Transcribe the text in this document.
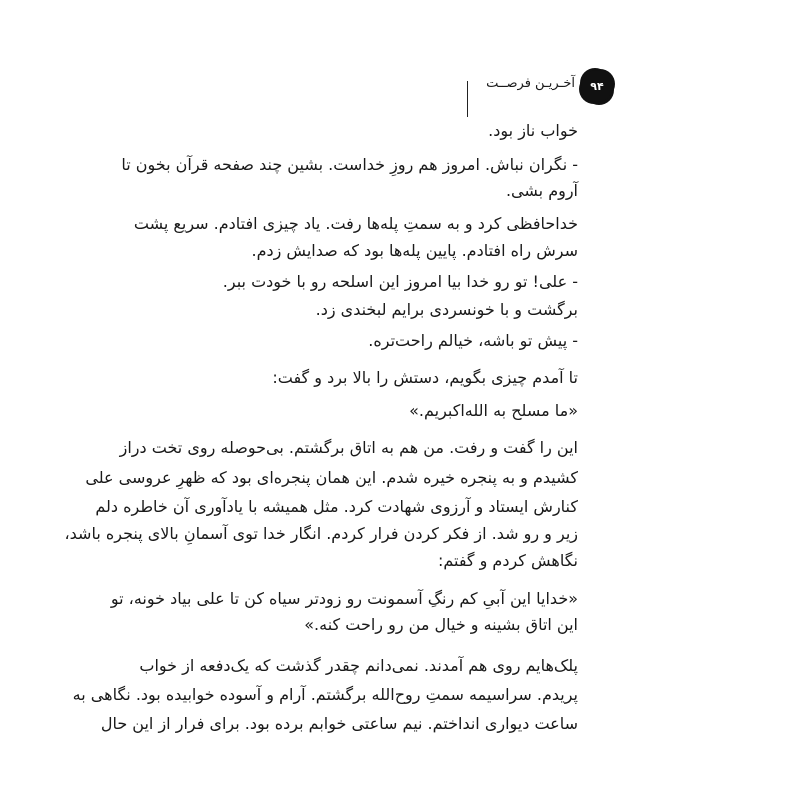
آخـریـن فرصــت	۹۴
خواب ناز بود.
- نگران نباش. امروز هم روزِ خداست. بشین چند صفحه قرآن بخون تا
آروم بشی.
خداحافظی کرد و به سمتِ پله‌ها رفت. یاد چیزی افتادم. سریع پشت
سرش راه افتادم. پایین پله‌ها بود که صدایش زدم.
- علی! تو رو خدا بیا امروز این اسلحه رو با خودت ببر.
برگشت و با خونسردی برایم لبخندی زد.
- پیش تو باشه، خیالم راحت‌تره.
تا آمدم چیزی بگویم، دستش را بالا برد و گفت:
«ما مسلح به الله‌اکبریم.»
این را گفت و رفت. من هم به اتاق برگشتم. بی‌حوصله روی تخت دراز
کشیدم و به پنجره خیره شدم. این همان پنجره‌ای بود که ظهرِ عروسی علی
کنارش ایستاد و آرزوی شهادت کرد. مثل همیشه با یادآوری آن خاطره دلم
زیر و رو شد. از فکر کردن فرار کردم. انگار خدا توی آسمانِ بالای پنجره باشد،
نگاهش کردم و گفتم:
«خدایا این آبیِ کم رنگِ آسمونت رو زودتر سیاه کن تا علی بیاد خونه، تو
این اتاق بشینه و خیال من رو راحت کنه.»
پلک‌هایم روی هم آمدند. نمی‌دانم چقدر گذشت که یک‌دفعه از خواب
پریدم. سراسیمه سمتِ روح‌الله برگشتم. آرام و آسوده خوابیده بود. نگاهی به
ساعت دیواری انداختم. نیم ساعتی خوابم برده بود. برای فرار از این حال
